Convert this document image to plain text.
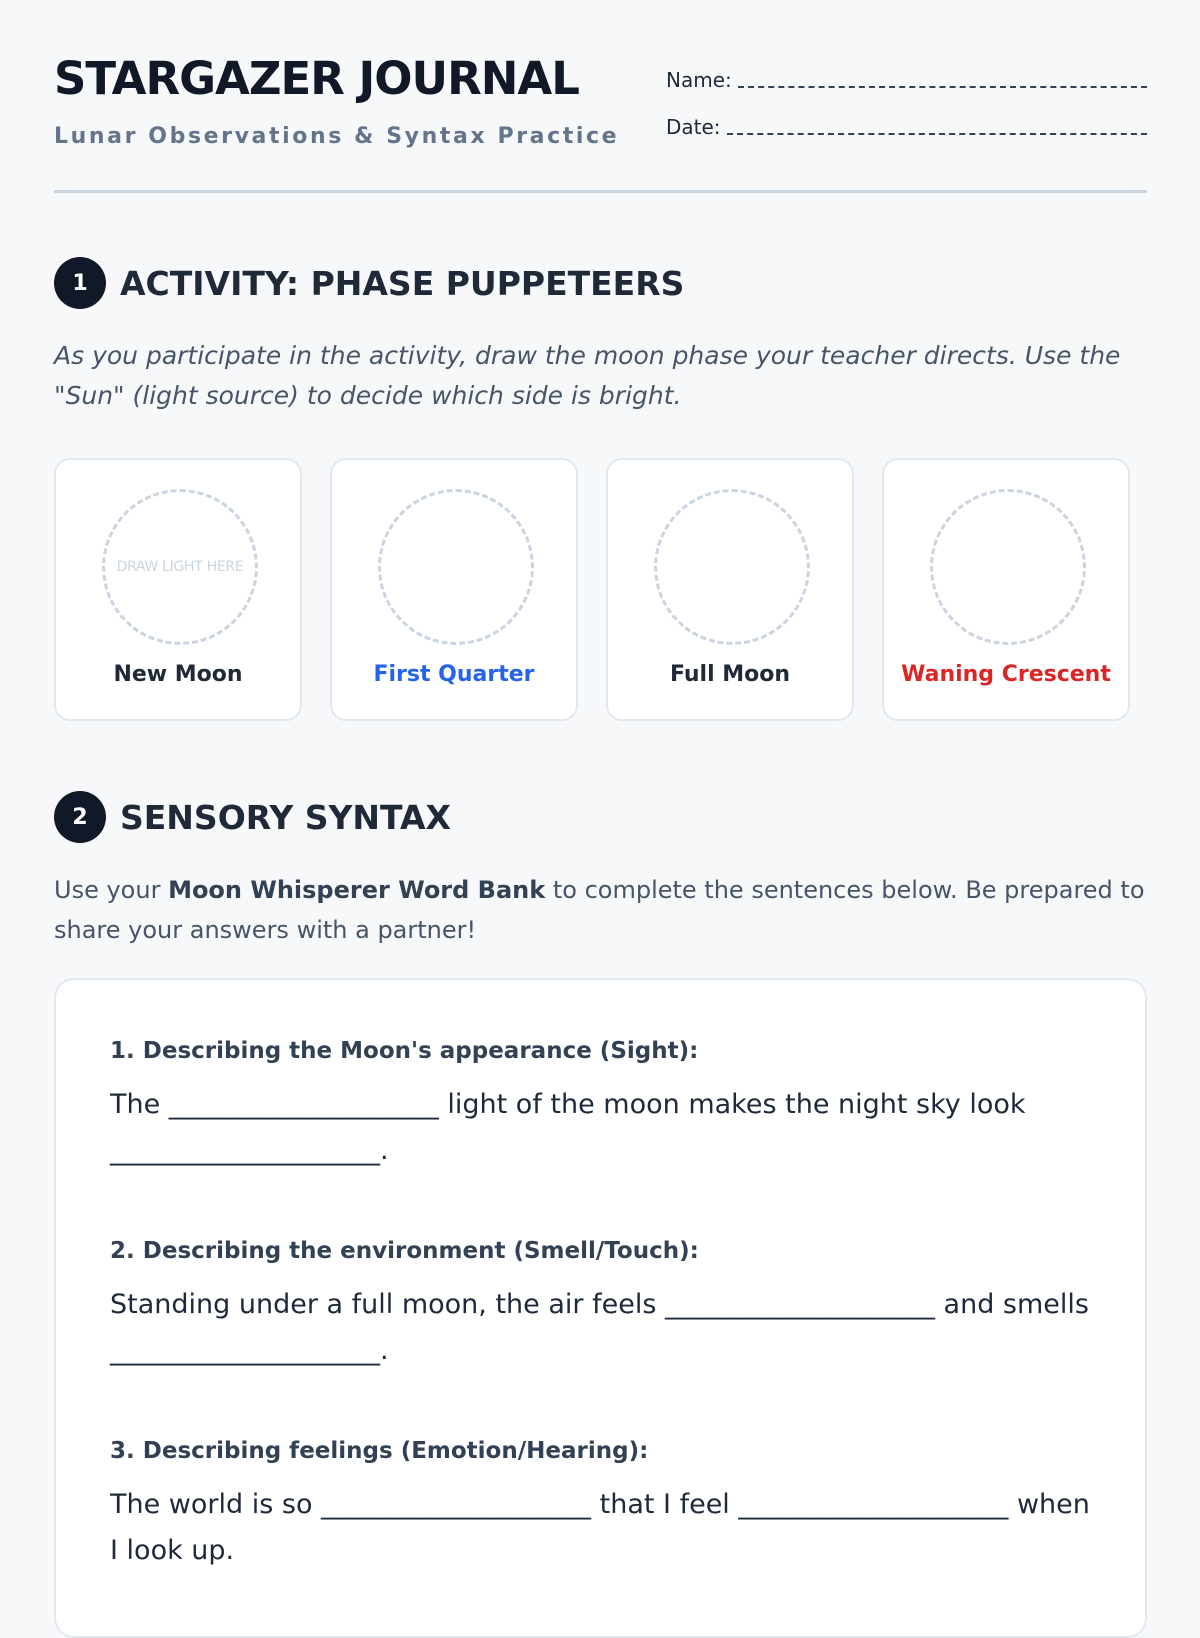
STARGAZER JOURNAL
Lunar Observations & Syntax Practice
Name:
Date:
1 ACTIVITY: PHASE PUPPETEERS
As you participate in the activity, draw the moon phase your teacher directs. Use the "Sun" (light source) to decide which side is bright.
DRAW LIGHT HERE
New Moon	First Quarter	Full Moon	Waning Crescent
2 SENSORY SYNTAX
Use your Moon Whisperer Word Bank to complete the sentences below. Be prepared to share your answers with a partner!
1. Describing the Moon's appearance (Sight):
The ____________________ light of the moon makes the night sky look ____________________.
2. Describing the environment (Smell/Touch):
Standing under a full moon, the air feels ____________________ and smells ____________________.
3. Describing feelings (Emotion/Hearing):
The world is so ____________________ that I feel ____________________ when I look up.
